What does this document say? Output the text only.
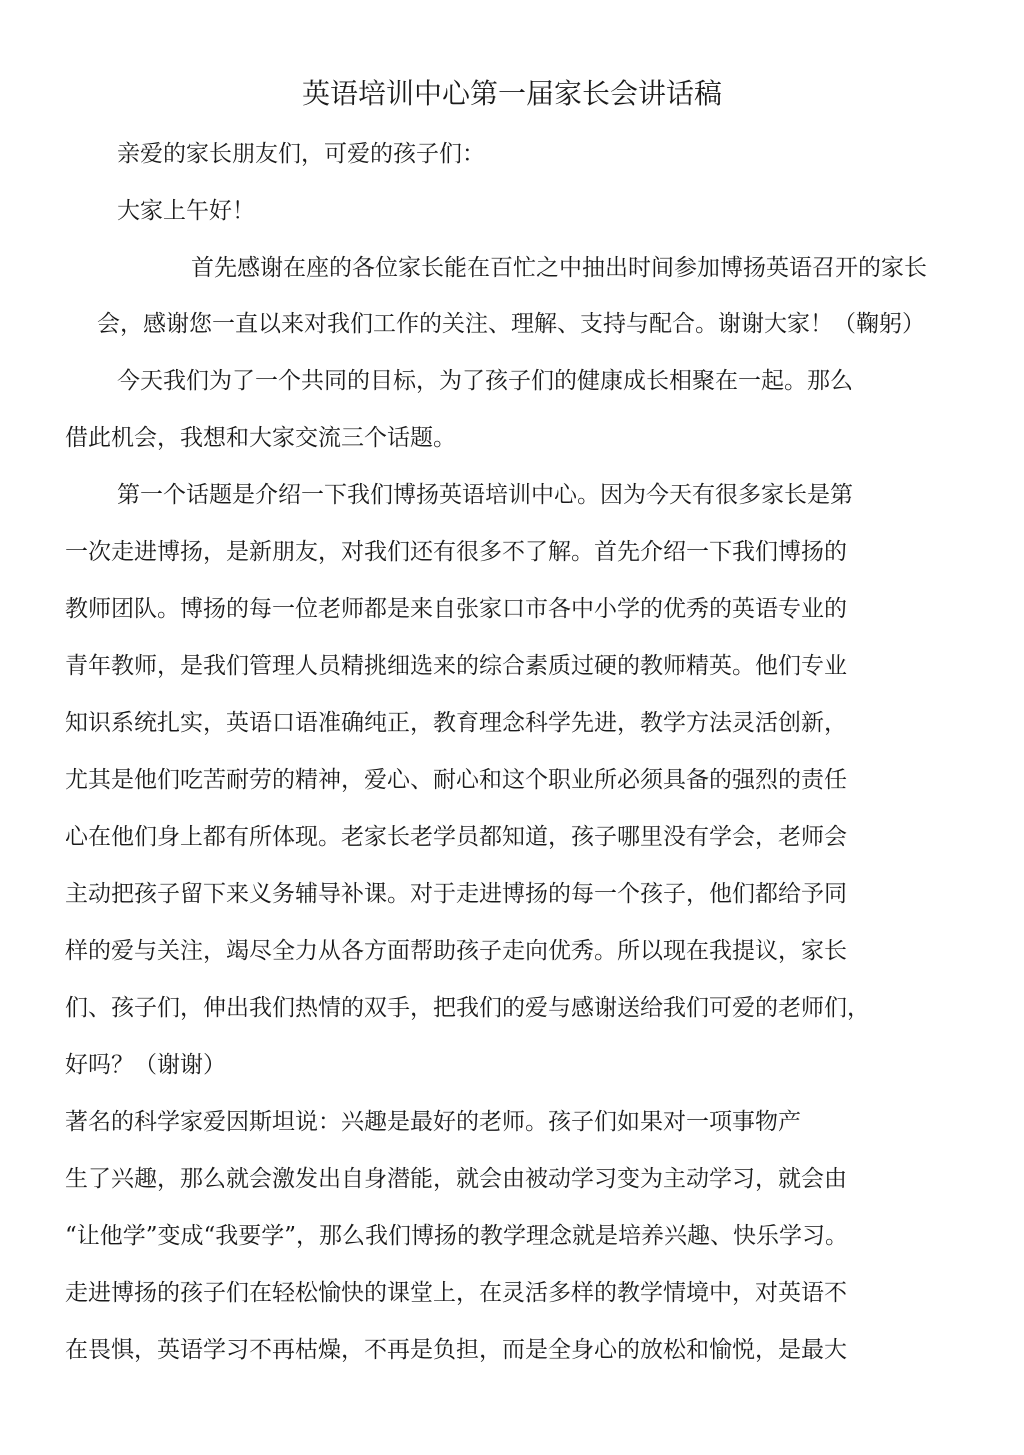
英语培训中心第一届家长会讲话稿
亲爱的家长朋友们，可爱的孩子们：
大家上午好！
首先感谢在座的各位家长能在百忙之中抽出时间参加博扬英语召开的家长
会，感谢您一直以来对我们工作的关注、理解、支持与配合。谢谢大家！（鞠躬）
今天我们为了一个共同的目标，为了孩子们的健康成长相聚在一起。那么
借此机会，我想和大家交流三个话题。
第一个话题是介绍一下我们博扬英语培训中心。因为今天有很多家长是第
一次走进博扬，是新朋友，对我们还有很多不了解。首先介绍一下我们博扬的
教师团队。博扬的每一位老师都是来自张家口市各中小学的优秀的英语专业的
青年教师，是我们管理人员精挑细选来的综合素质过硬的教师精英。他们专业
知识系统扎实，英语口语准确纯正，教育理念科学先进，教学方法灵活创新，
尤其是他们吃苦耐劳的精神，爱心、耐心和这个职业所必须具备的强烈的责任
心在他们身上都有所体现。老家长老学员都知道，孩子哪里没有学会，老师会
主动把孩子留下来义务辅导补课。对于走进博扬的每一个孩子，他们都给予同
样的爱与关注，竭尽全力从各方面帮助孩子走向优秀。所以现在我提议，家长
们、孩子们，伸出我们热情的双手，把我们的爱与感谢送给我们可爱的老师们，
好吗？（谢谢）
著名的科学家爱因斯坦说：兴趣是最好的老师。孩子们如果对一项事物产
生了兴趣，那么就会激发出自身潜能，就会由被动学习变为主动学习，就会由
“让他学”变成“我要学”，那么我们博扬的教学理念就是培养兴趣、快乐学习。
走进博扬的孩子们在轻松愉快的课堂上，在灵活多样的教学情境中，对英语不
在畏惧，英语学习不再枯燥，不再是负担，而是全身心的放松和愉悦，是最大
